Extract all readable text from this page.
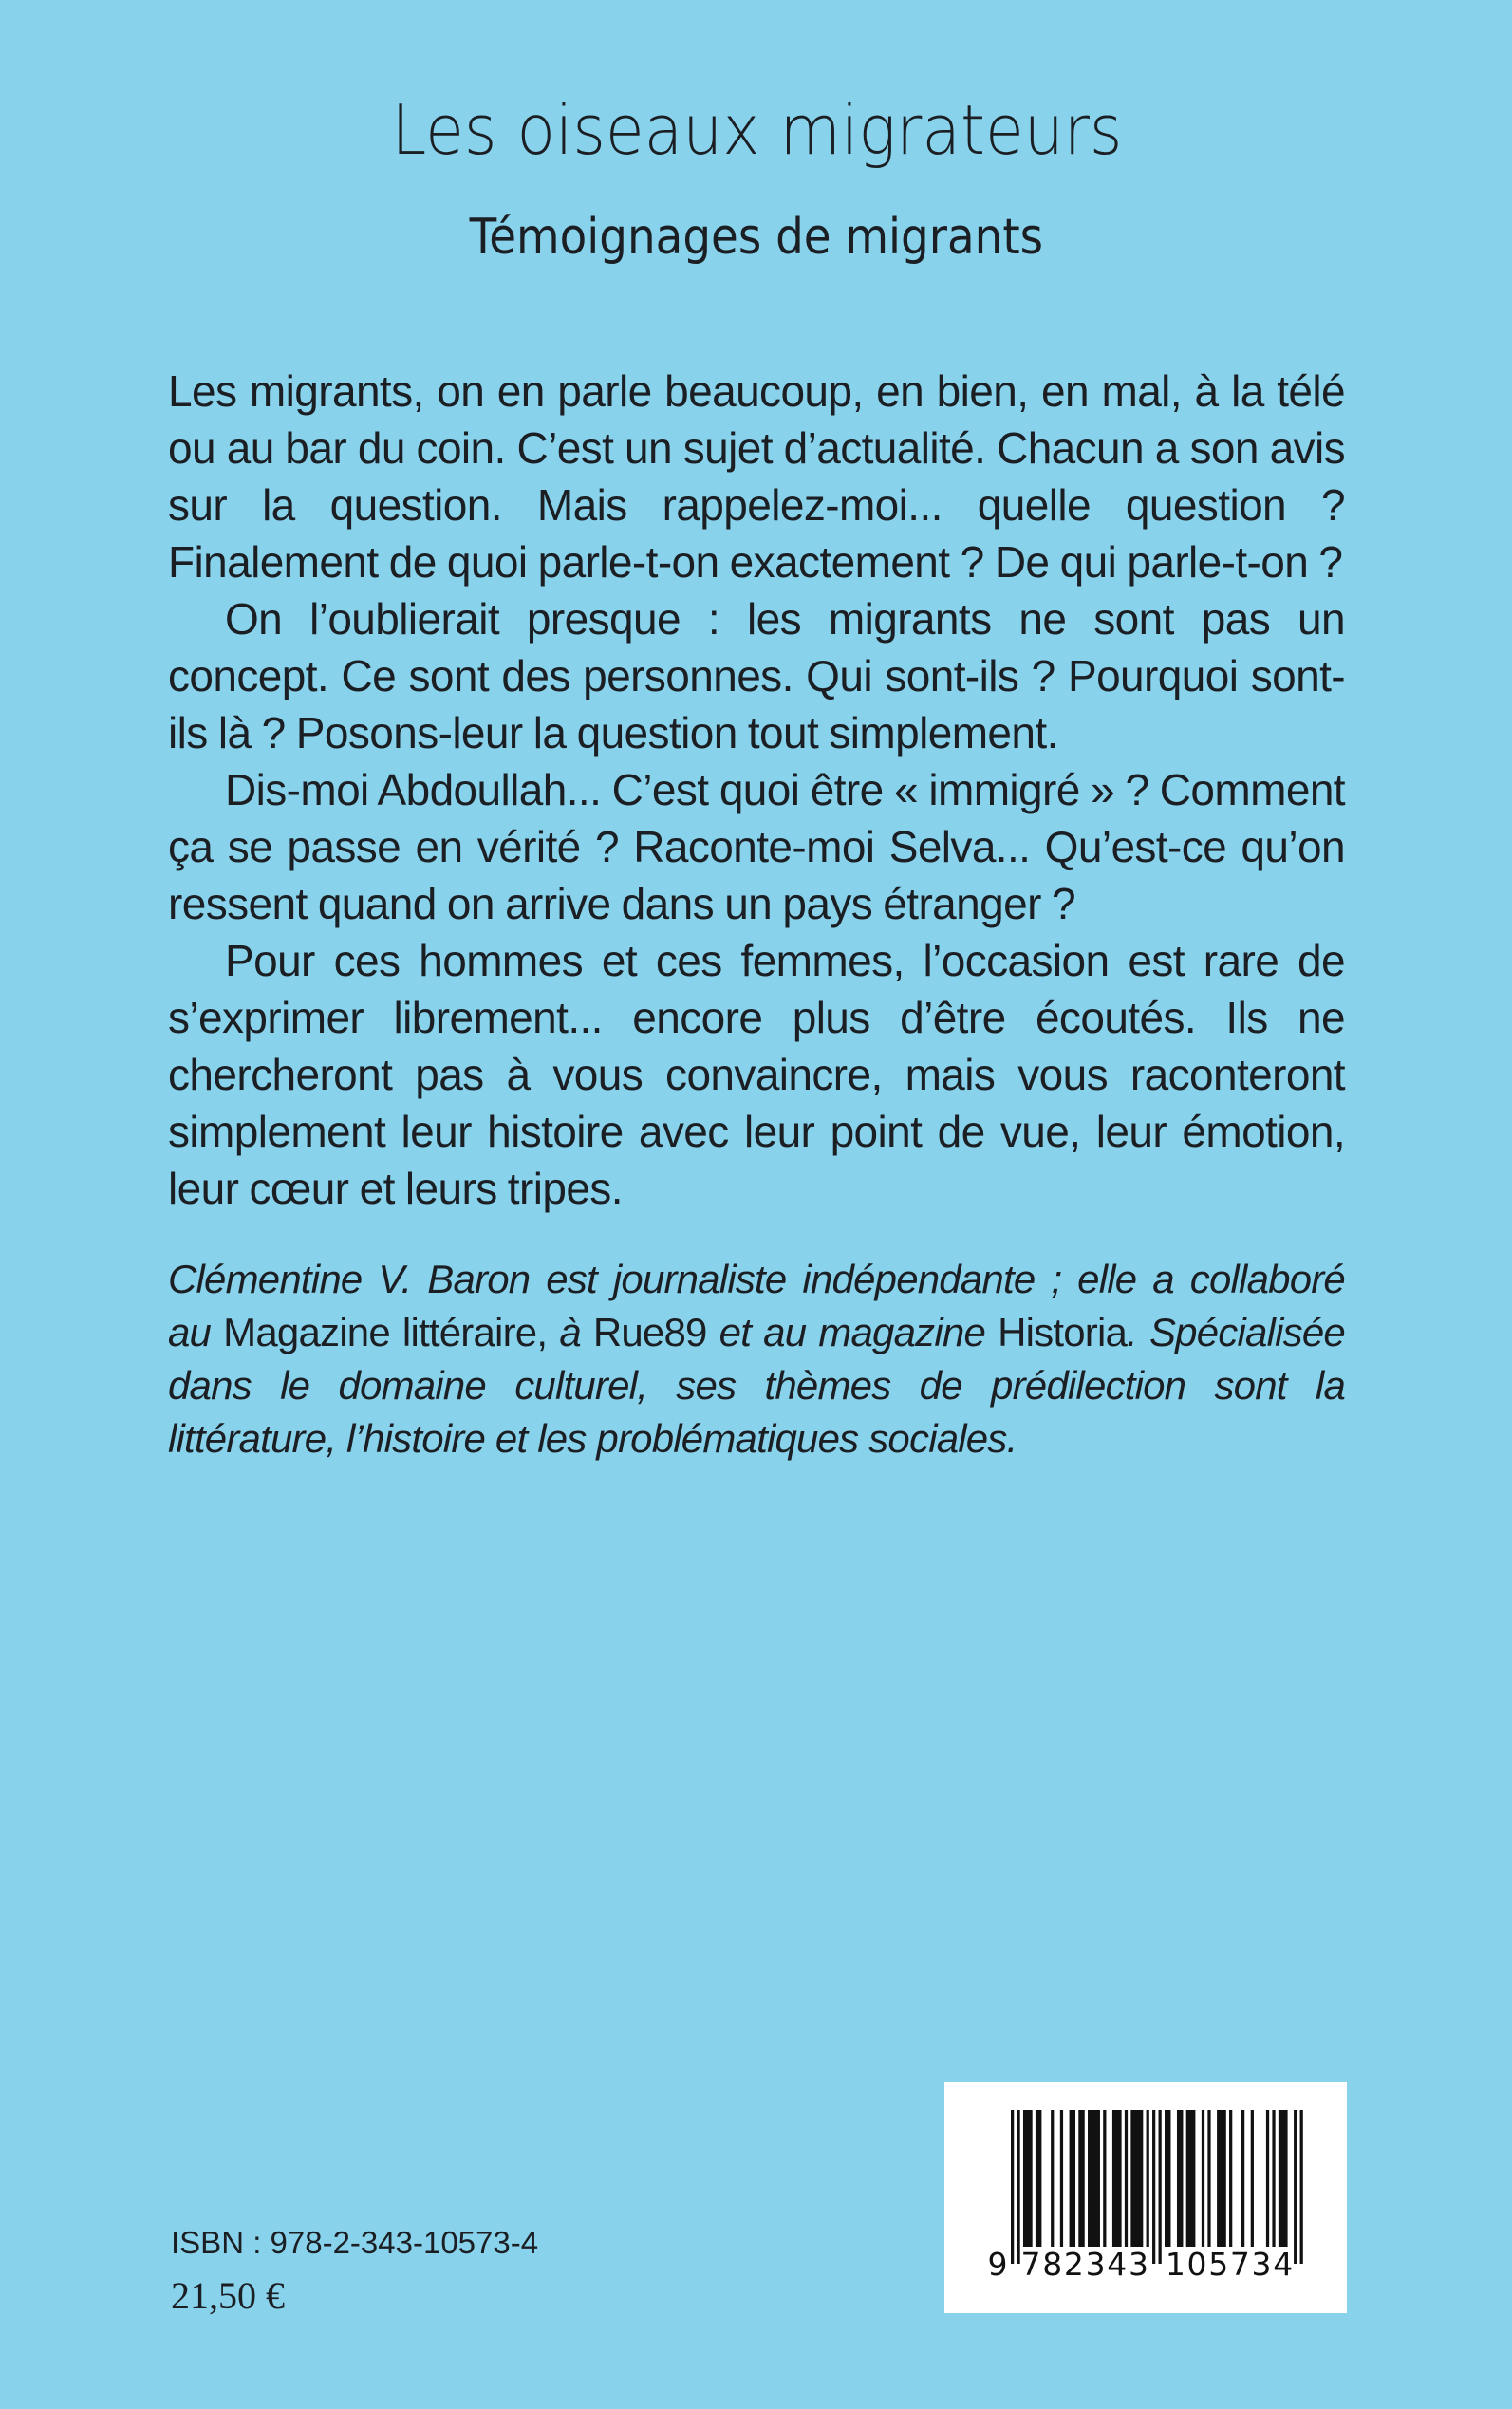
Les oiseaux migrateurs
Témoignages de migrants

Les migrants, on en parle beaucoup, en bien, en mal, à la télé ou au bar du coin. C’est un sujet d’actualité. Chacun a son avis sur la question. Mais rappelez-moi... quelle question ? Finalement de quoi parle-t-on exactement ? De qui parle-t-on ?

On l’oublierait presque : les migrants ne sont pas un concept. Ce sont des personnes. Qui sont-ils ? Pourquoi sont-ils là ? Posons-leur la question tout simplement.

Dis-moi Abdoullah... C’est quoi être « immigré » ? Comment ça se passe en vérité ? Raconte-moi Selva... Qu’est-ce qu’on ressent quand on arrive dans un pays étranger ?

Pour ces hommes et ces femmes, l’occasion est rare de s’exprimer librement... encore plus d’être écoutés. Ils ne chercheront pas à vous convaincre, mais vous raconteront simplement leur histoire avec leur point de vue, leur émotion, leur cœur et leurs tripes.

Clémentine V. Baron est journaliste indépendante ; elle a collaboré au Magazine littéraire, à Rue89 et au magazine Historia. Spécialisée dans le domaine culturel, ses thèmes de prédilection sont la littérature, l’histoire et les problématiques sociales.
ISBN : 978-2-343-10573-4
21,50 €
9 7 8 2 3 4 3 1 0 5 7 3 4
